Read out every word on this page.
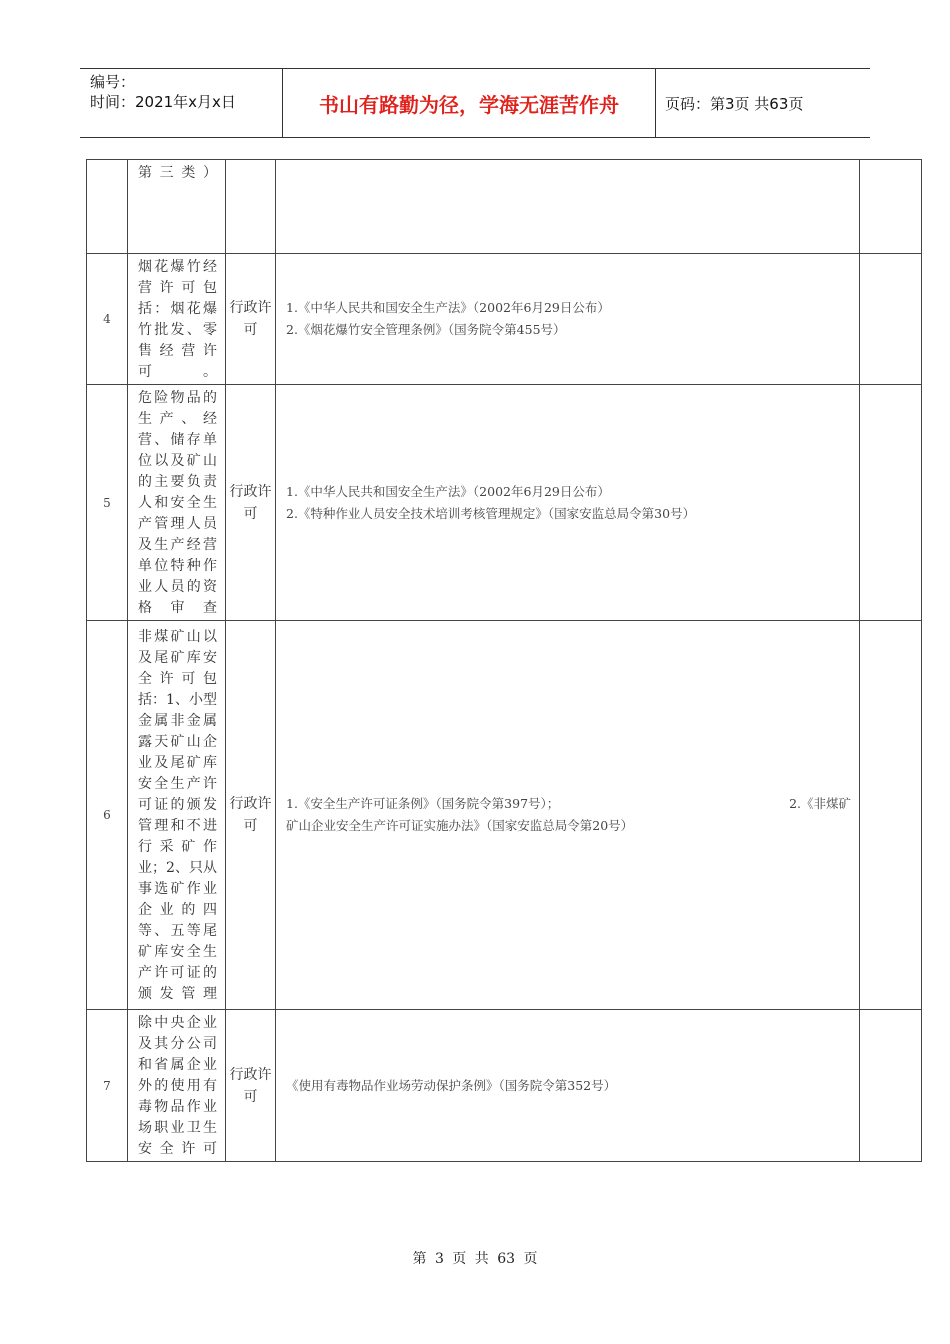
编号：
时间：2021年x月x日	书山有路勤为径，学海无涯苦作舟	页码：第3页 共63页
	第三类）			
4	烟花爆竹经营许可包括：烟花爆竹批发、零售经营许可。	行政许可	1.《中华人民共和国安全生产法》（2002年6月29日公布）
2.《烟花爆竹安全管理条例》（国务院令第455号）	

5	危险物品的生产、经营、储存单位以及矿山的主要负责人和安全生产管理人员及生产经营单位特种作业人员的资格审查	行政许可	1.《中华人民共和国安全生产法》（2002年6月29日公布）
2.《特种作业人员安全技术培训考核管理规定》（国家安监总局令第30号）	

6	非煤矿山以及尾矿库安全许可包括：1、小型金属非金属露天矿山企业及尾矿库安全生产许可证的颁发管理和不进行采矿作业；2、只从事选矿作业企业的四等、五等尾矿库安全生产许可证的颁发管理	行政许可	1.《安全生产许可证条例》（国务院令第397号）； 2.《非煤矿
矿山企业安全生产许可证实施办法》（国家安监总局令第20号）	

7	除中央企业及其分公司和省属企业外的使用有毒物品作业场职业卫生安全许可	行政许可	《使用有毒物品作业场劳动保护条例》（国务院令第352号）	

第 3 页 共 63 页
